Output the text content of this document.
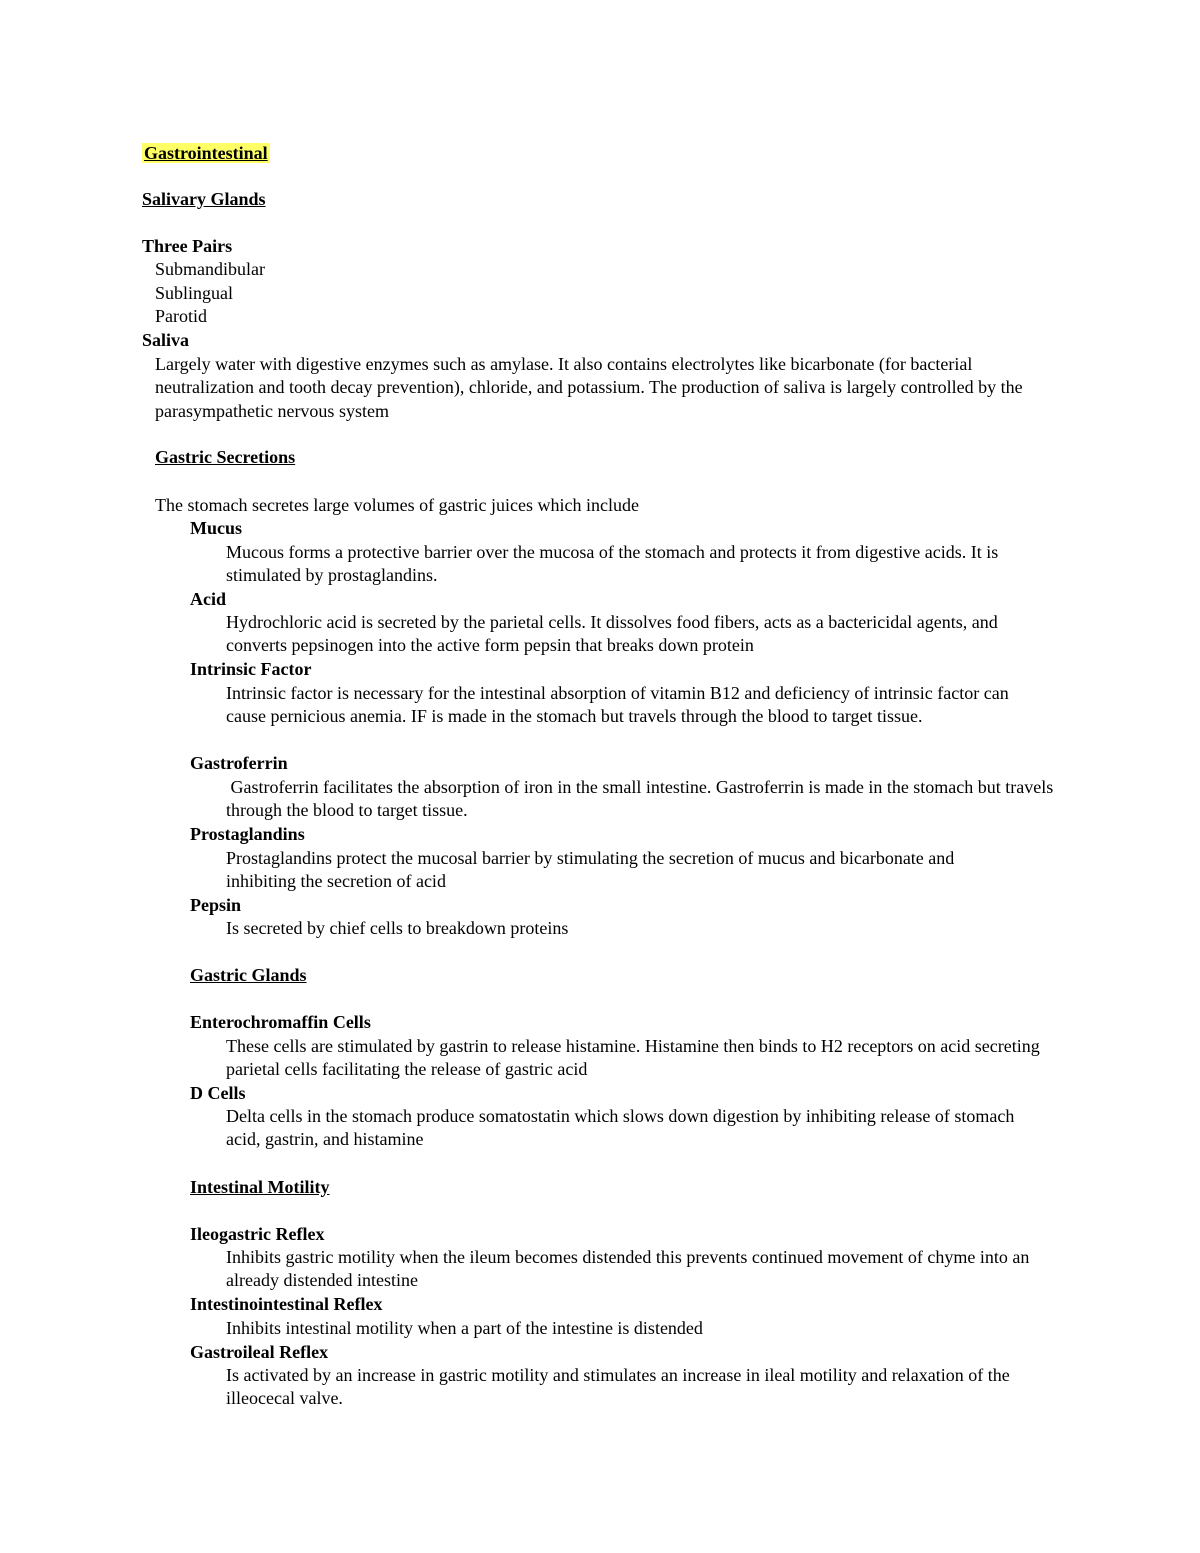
Gastrointestinal

Salivary Glands

Three Pairs

Submandibular

Sublingual

Parotid

Saliva

Largely water with digestive enzymes such as amylase. It also contains electrolytes like bicarbonate (for bacterial neutralization and tooth decay prevention), chloride, and potassium. The production of saliva is largely controlled by the parasympathetic nervous system

Gastric Secretions

The stomach secretes large volumes of gastric juices which include

Mucus

Mucous forms a protective barrier over the mucosa of the stomach and protects it from digestive acids. It is stimulated by prostaglandins.

Acid

Hydrochloric acid is secreted by the parietal cells. It dissolves food fibers, acts as a bactericidal agents, and converts pepsinogen into the active form pepsin that breaks down protein

Intrinsic Factor

Intrinsic factor is necessary for the intestinal absorption of vitamin B12 and deficiency of intrinsic factor can cause pernicious anemia. IF is made in the stomach but travels through the blood to target tissue.

Gastroferrin

Gastroferrin facilitates the absorption of iron in the small intestine. Gastroferrin is made in the stomach but travels through the blood to target tissue.

Prostaglandins

Prostaglandins protect the mucosal barrier by stimulating the secretion of mucus and bicarbonate and inhibiting the secretion of acid

Pepsin

Is secreted by chief cells to breakdown proteins

Gastric Glands

Enterochromaffin Cells

These cells are stimulated by gastrin to release histamine. Histamine then binds to H2 receptors on acid secreting parietal cells facilitating the release of gastric acid

D Cells

Delta cells in the stomach produce somatostatin which slows down digestion by inhibiting release of stomach acid, gastrin, and histamine

Intestinal Motility

Ileogastric Reflex

Inhibits gastric motility when the ileum becomes distended this prevents continued movement of chyme into an already distended intestine

Intestinointestinal Reflex

Inhibits intestinal motility when a part of the intestine is distended

Gastroileal Reflex

Is activated by an increase in gastric motility and stimulates an increase in ileal motility and relaxation of the illeocecal valve.
